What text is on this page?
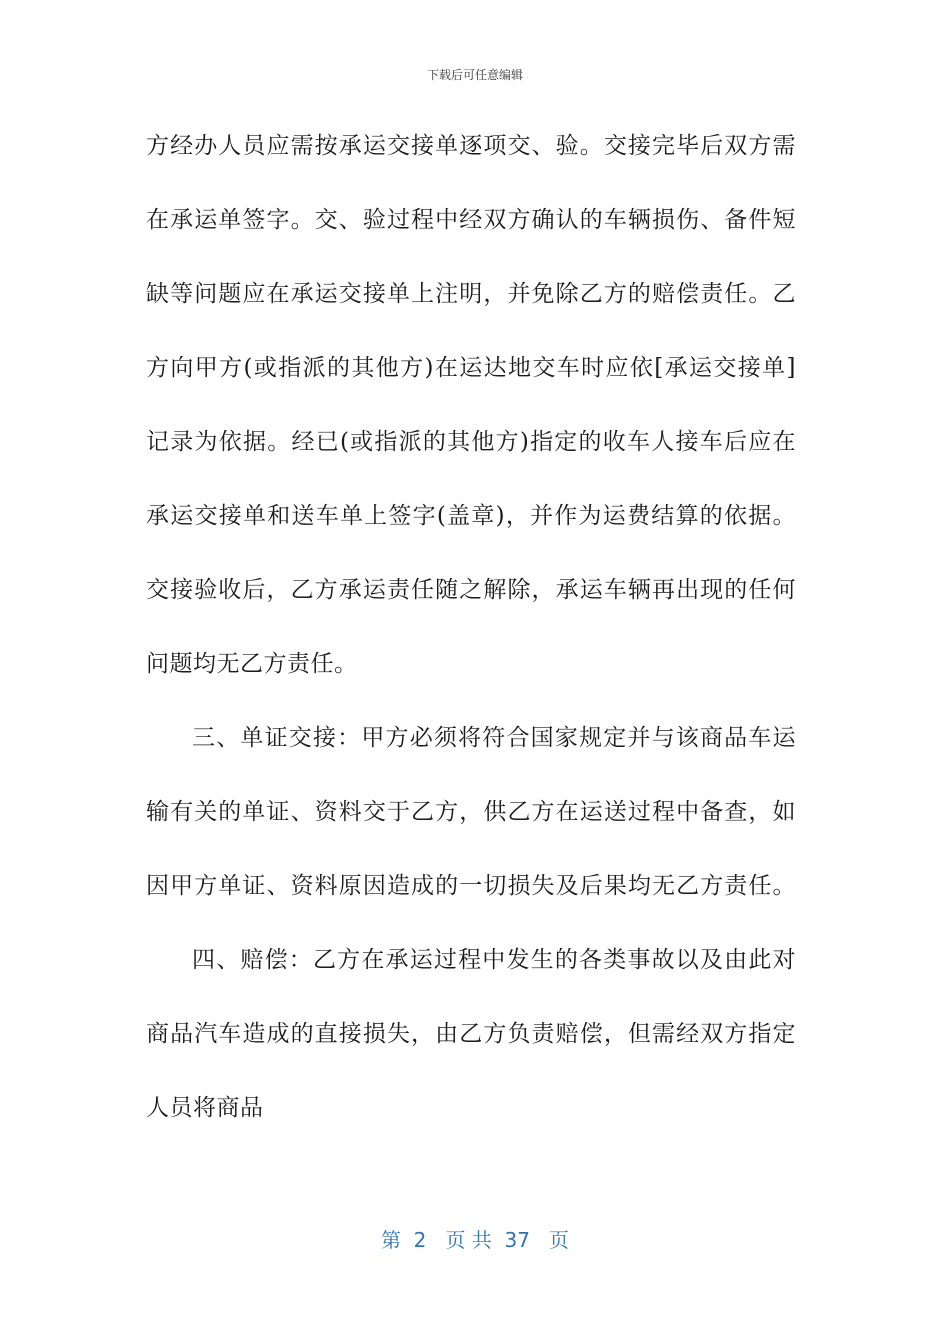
下载后可任意编辑
方经办人员应需按承运交接单逐项交、验。交接完毕后双方需
在承运单签字。交、验过程中经双方确认的车辆损伤、备件短
缺等问题应在承运交接单上注明，并免除乙方的赔偿责任。乙
方向甲方(或指派的其他方)在运达地交车时应依[承运交接单]
记录为依据。经已(或指派的其他方)指定的收车人接车后应在
承运交接单和送车单上签字(盖章)，并作为运费结算的依据。
交接验收后，乙方承运责任随之解除，承运车辆再出现的任何
问题均无乙方责任。
三、单证交接：甲方必须将符合国家规定并与该商品车运
输有关的单证、资料交于乙方，供乙方在运送过程中备查，如
因甲方单证、资料原因造成的一切损失及后果均无乙方责任。
四、赔偿：乙方在承运过程中发生的各类事故以及由此对
商品汽车造成的直接损失，由乙方负责赔偿，但需经双方指定
人员将商品
第  2   页 共  37   页
